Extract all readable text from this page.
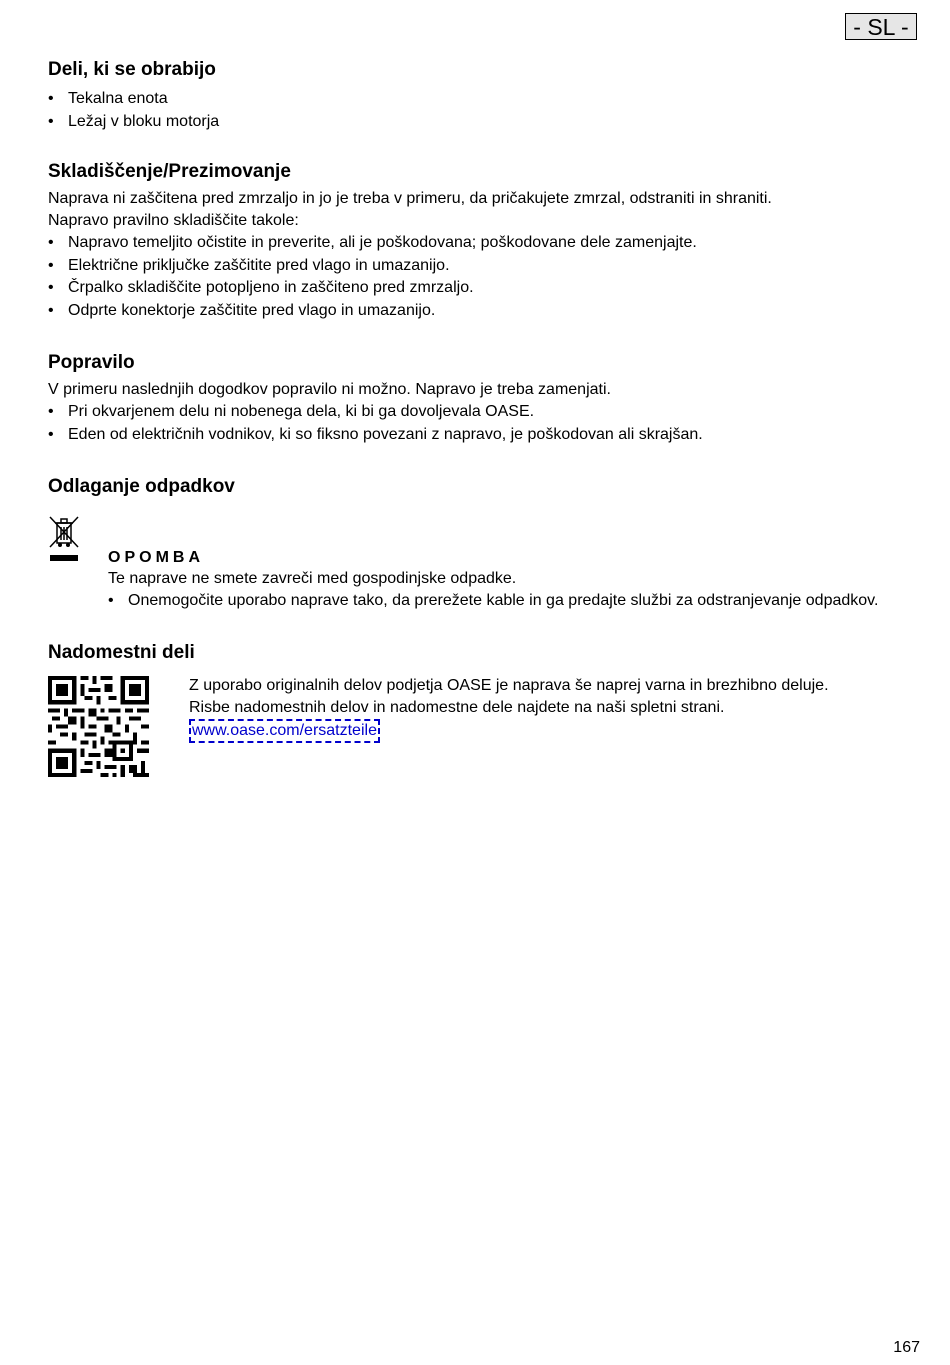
- SL -
Deli, ki se obrabijo
• Tekalna enota
• Ležaj v bloku motorja
Skladiščenje/Prezimovanje

Naprava ni zaščitena pred zmrzaljo in jo je treba v primeru, da pričakujete zmrzal, odstraniti in shraniti.

Napravo pravilno skladiščite takole:

• Napravo temeljito očistite in preverite, ali je poškodovana; poškodovane dele zamenjajte.
• Električne priključke zaščitite pred vlago in umazanijo.
• Črpalko skladiščite potopljeno in zaščiteno pred zmrzaljo.
• Odprte konektorje zaščitite pred vlago in umazanijo.
Popravilo

V primeru naslednjih dogodkov popravilo ni možno. Napravo je treba zamenjati.

• Pri okvarjenem delu ni nobenega dela, ki bi ga dovoljevala OASE.
• Eden od električnih vodnikov, ki so fiksno povezani z napravo, je poškodovan ali skrajšan.
Odlaganje odpadkov
OPOMBA

Te naprave ne smete zavreči med gospodinjske odpadke.

• Onemogočite uporabo naprave tako, da prerežete kable in ga predajte službi za odstranjevanje odpadkov.
Nadomestni deli

Z uporabo originalnih delov podjetja OASE je naprava še naprej varna in brezhibno deluje.

Risbe nadomestnih delov in nadomestne dele najdete na naši spletni strani.

www.oase.com/ersatzteile
167
